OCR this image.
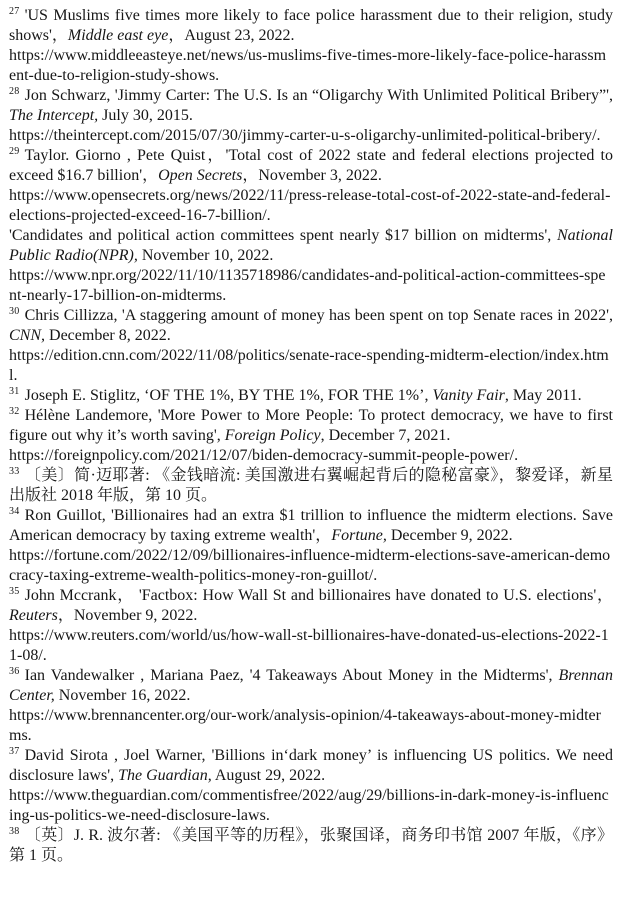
$^{27}$ 'US Muslims five times more likely to face police harassment due to their religion, study shows'，Middle east eye，August 23, 2022.
https://www.middleeasteye.net/news/us-muslims-five-times-more-likely-face-police-harassment-due-to-religion-study-shows.
$^{28}$ Jon Schwarz, 'Jimmy Carter: The U.S. Is an “Oligarchy With Unlimited Political Bribery”', The Intercept, July 30, 2015.
https://theintercept.com/2015/07/30/jimmy-carter-u-s-oligarchy-unlimited-political-bribery/.
$^{29}$ Taylor. Giorno , Pete Quist，'Total cost of 2022 state and federal elections projected to exceed $16.7 billion'，Open Secrets，November 3, 2022.
https://www.opensecrets.org/news/2022/11/press-release-total-cost-of-2022-state-and-federal-elections-projected-exceed-16-7-billion/.
'Candidates and political action committees spent nearly $17 billion on midterms', National Public Radio(NPR), November 10, 2022.
https://www.npr.org/2022/11/10/1135718986/candidates-and-political-action-committees-spent-nearly-17-billion-on-midterms.
$^{30}$ Chris Cillizza, 'A staggering amount of money has been spent on top Senate races in 2022', CNN, December 8, 2022.
https://edition.cnn.com/2022/11/08/politics/senate-race-spending-midterm-election/index.html.
$^{31}$ Joseph E. Stiglitz, ‘OF THE 1%, BY THE 1%, FOR THE 1%’, Vanity Fair, May 2011.
$^{32}$ Hélène Landemore, 'More Power to More People: To protect democracy, we have to first figure out why it’s worth saving', Foreign Policy, December 7, 2021.
https://foreignpolicy.com/2021/12/07/biden-democracy-summit-people-power/.
$^{33}$ 〔美〕简·迈耶著: 《金钱暗流: 美国激进右翼崛起背后的隐秘富豪》，黎爱译，新星出版社 2018 年版，第 10 页。
$^{34}$ Ron Guillot, 'Billionaires had an extra $1 trillion to influence the midterm elections. Save American democracy by taxing extreme wealth'，Fortune, December 9, 2022.
https://fortune.com/2022/12/09/billionaires-influence-midterm-elections-save-american-democracy-taxing-extreme-wealth-politics-money-ron-guillot/.
$^{35}$ John Mccrank， 'Factbox: How Wall St and billionaires have donated to U.S. elections'，Reuters，November 9, 2022.
https://www.reuters.com/world/us/how-wall-st-billionaires-have-donated-us-elections-2022-11-08/.
$^{36}$ Ian Vandewalker , Mariana Paez, '4 Takeaways About Money in the Midterms', Brennan Center, November 16, 2022.
https://www.brennancenter.org/our-work/analysis-opinion/4-takeaways-about-money-midterms.
$^{37}$ David Sirota , Joel Warner, 'Billions in‘dark money’ is influencing US politics. We need disclosure laws', The Guardian, August 29, 2022.
https://www.theguardian.com/commentisfree/2022/aug/29/billions-in-dark-money-is-influencing-us-politics-we-need-disclosure-laws.
$^{38}$ 〔英〕J. R. 波尔著: 《美国平等的历程》，张聚国译，商务印书馆 2007 年版，《序》第 1 页。
